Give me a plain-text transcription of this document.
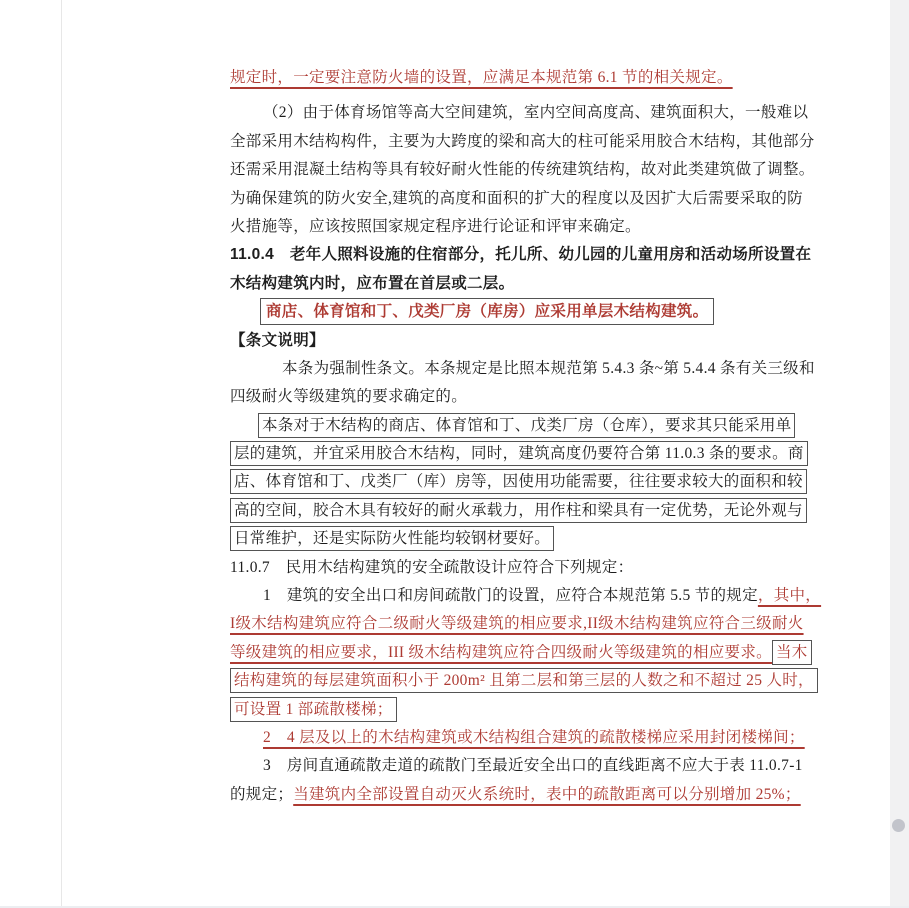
规定时，一定要注意防火墙的设置，应满足本规范第 6.1 节的相关规定。
（2）由于体育场馆等高大空间建筑，室内空间高度高、建筑面积大，一般难以
全部采用木结构构件，主要为大跨度的梁和高大的柱可能采用胶合木结构，其他部分
还需采用混凝土结构等具有较好耐火性能的传统建筑结构，故对此类建筑做了调整。
为确保建筑的防火安全,建筑的高度和面积的扩大的程度以及因扩大后需要采取的防
火措施等，应该按照国家规定程序进行论证和评审来确定。
11.0.4　老年人照料设施的住宿部分，托儿所、幼儿园的儿童用房和活动场所设置在
木结构建筑内时，应布置在首层或二层。
商店、体育馆和丁、戊类厂房（库房）应采用单层木结构建筑。
【条文说明】
本条为强制性条文。本条规定是比照本规范第 5.4.3 条~第 5.4.4 条有关三级和
四级耐火等级建筑的要求确定的。
本条对于木结构的商店、体育馆和丁、戊类厂房（仓库），要求其只能采用单
层的建筑，并宜采用胶合木结构，同时，建筑高度仍要符合第 11.0.3 条的要求。商
店、体育馆和丁、戊类厂（库）房等，因使用功能需要，往往要求较大的面积和较
高的空间，胶合木具有较好的耐火承载力，用作柱和梁具有一定优势，无论外观与
日常维护，还是实际防火性能均较钢材要好。
11.0.7　民用木结构建筑的安全疏散设计应符合下列规定：
1　建筑的安全出口和房间疏散门的设置，应符合本规范第 5.5 节的规定，其中，
I级木结构建筑应符合二级耐火等级建筑的相应要求,II级木结构建筑应符合三级耐火
等级建筑的相应要求，III 级木结构建筑应符合四级耐火等级建筑的相应要求。 当木
结构建筑的每层建筑面积小于 200m² 且第二层和第三层的人数之和不超过 25 人时，
可设置 1 部疏散楼梯；
2　4 层及以上的木结构建筑或木结构组合建筑的疏散楼梯应采用封闭楼梯间；
3　房间直通疏散走道的疏散门至最近安全出口的直线距离不应大于表 11.0.7-1
的规定；当建筑内全部设置自动灭火系统时，表中的疏散距离可以分别增加 25%；
